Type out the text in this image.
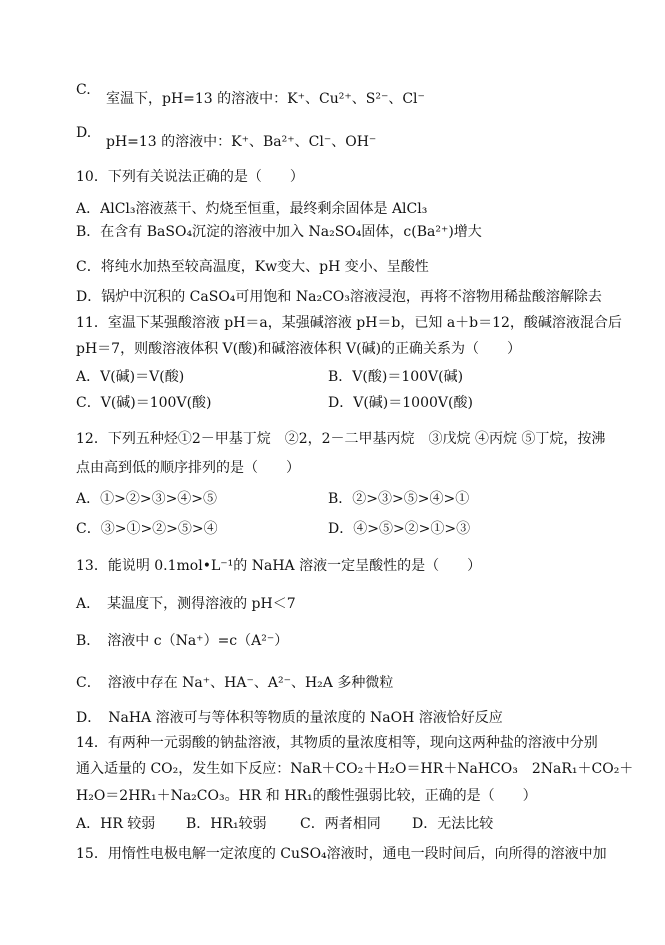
C.
室温下，pH=13 的溶液中：K⁺、Cu²⁺、S²⁻、Cl⁻
D.
pH=13 的溶液中：K⁺、Ba²⁺、Cl⁻、OH⁻
10．下列有关说法正确的是（　　）
A．AlCl₃溶液蒸干、灼烧至恒重，最终剩余固体是 AlCl₃
B．在含有 BaSO₄沉淀的溶液中加入 Na₂SO₄固体，c(Ba²⁺)增大
C．将纯水加热至较高温度，Kw变大、pH 变小、呈酸性
D．锅炉中沉积的 CaSO₄可用饱和 Na₂CO₃溶液浸泡，再将不溶物用稀盐酸溶解除去
11．室温下某强酸溶液 pH＝a，某强碱溶液 pH＝b，已知 a＋b＝12，酸碱溶液混合后
pH＝7，则酸溶液体积 V(酸)和碱溶液体积 V(碱)的正确关系为（　　）
A．V(碱)＝V(酸)	B．V(酸)＝100V(碱)
C．V(碱)＝100V(酸)	D．V(碱)＝1000V(酸)
12．下列五种烃①2－甲基丁烷　②2，2－二甲基丙烷　③戊烷 ④丙烷 ⑤丁烷，按沸
点由高到低的顺序排列的是（　　）
A．①>②>③>④>⑤	B．②>③>⑤>④>①
C．③>①>②>⑤>④	D．④>⑤>②>①>③
13．能说明 0.1mol•L⁻¹的 NaHA 溶液一定呈酸性的是（　　）
A．　某温度下，测得溶液的 pH＜7
B．　溶液中 c（Na⁺）=c（A²⁻）
C．　溶液中存在 Na⁺、HA⁻、A²⁻、H₂A 多种微粒
D．　NaHA 溶液可与等体积等物质的量浓度的 NaOH 溶液恰好反应
14．有两种一元弱酸的钠盐溶液，其物质的量浓度相等，现向这两种盐的溶液中分别
通入适量的 CO₂，发生如下反应：NaR＋CO₂＋H₂O＝HR＋NaHCO₃　2NaR₁＋CO₂＋
H₂O＝2HR₁＋Na₂CO₃。HR 和 HR₁的酸性强弱比较，正确的是（　　）
A．HR 较弱 B．HR₁较弱 C．两者相同 D．无法比较
15．用惰性电极电解一定浓度的 CuSO₄溶液时，通电一段时间后，向所得的溶液中加
